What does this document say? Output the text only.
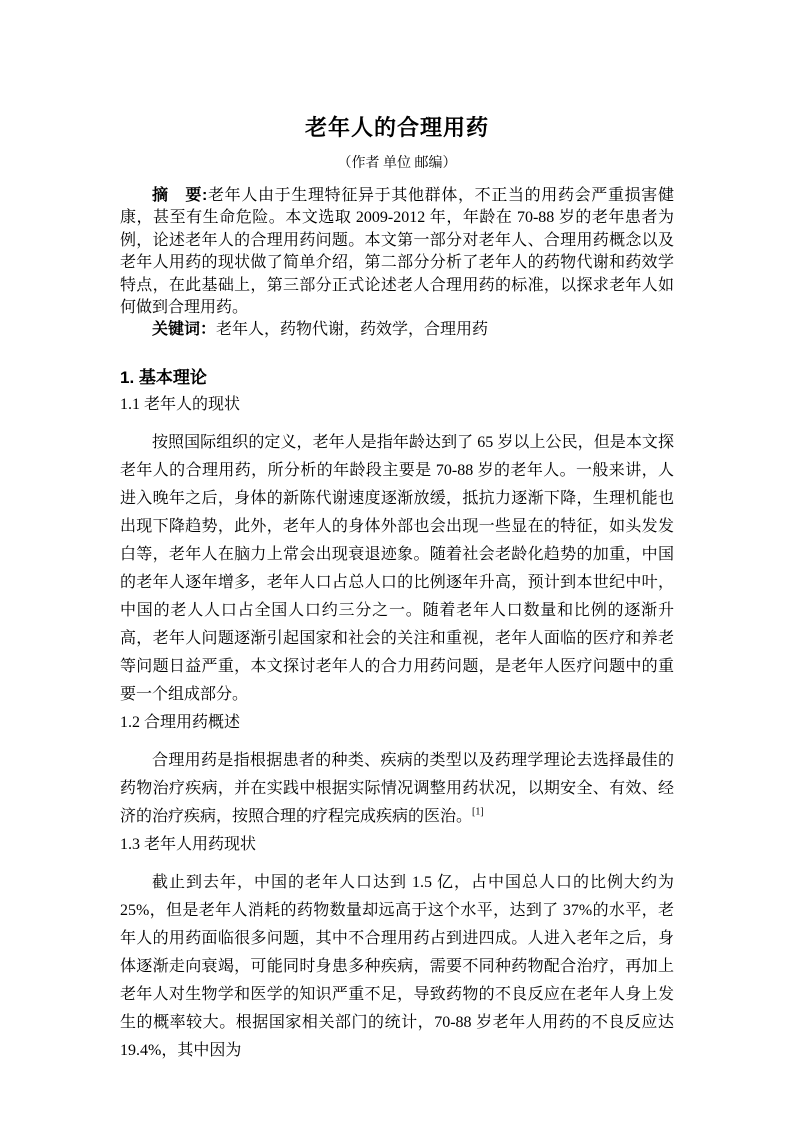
老年人的合理用药

（作者 单位 邮编）

摘　要:老年人由于生理特征异于其他群体，不正当的用药会严重损害健康，甚至有生命危险。本文选取 2009-2012 年，年龄在 70-88 岁的老年患者为例，论述老年人的合理用药问题。本文第一部分对老年人、合理用药概念以及老年人用药的现状做了简单介绍，第二部分分析了老年人的药物代谢和药效学特点，在此基础上，第三部分正式论述老人合理用药的标准，以探求老年人如何做到合理用药。

关键词：老年人，药物代谢，药效学，合理用药

1. 基本理论
1.1 老年人的现状

按照国际组织的定义，老年人是指年龄达到了 65 岁以上公民，但是本文探老年人的合理用药，所分析的年龄段主要是 70-88 岁的老年人。一般来讲，人进入晚年之后，身体的新陈代谢速度逐渐放缓，抵抗力逐渐下降，生理机能也出现下降趋势，此外，老年人的身体外部也会出现一些显在的特征，如头发发白等，老年人在脑力上常会出现衰退迹象。随着社会老龄化趋势的加重，中国的老年人逐年增多，老年人口占总人口的比例逐年升高，预计到本世纪中叶，中国的老人人口占全国人口约三分之一。随着老年人口数量和比例的逐渐升高，老年人问题逐渐引起国家和社会的关注和重视，老年人面临的医疗和养老等问题日益严重，本文探讨老年人的合力用药问题，是老年人医疗问题中的重要一个组成部分。

1.2 合理用药概述

合理用药是指根据患者的种类、疾病的类型以及药理学理论去选择最佳的药物治疗疾病，并在实践中根据实际情况调整用药状况，以期安全、有效、经济的治疗疾病，按照合理的疗程完成疾病的医治。[1]

1.3 老年人用药现状

截止到去年，中国的老年人口达到 1.5 亿，占中国总人口的比例大约为 25%，但是老年人消耗的药物数量却远高于这个水平，达到了 37%的水平，老年人的用药面临很多问题，其中不合理用药占到进四成。人进入老年之后，身体逐渐走向衰竭，可能同时身患多种疾病，需要不同种药物配合治疗，再加上老年人对生物学和医学的知识严重不足，导致药物的不良反应在老年人身上发生的概率较大。根据国家相关部门的统计，70-88 岁老年人用药的不良反应达 19.4%，其中因为
